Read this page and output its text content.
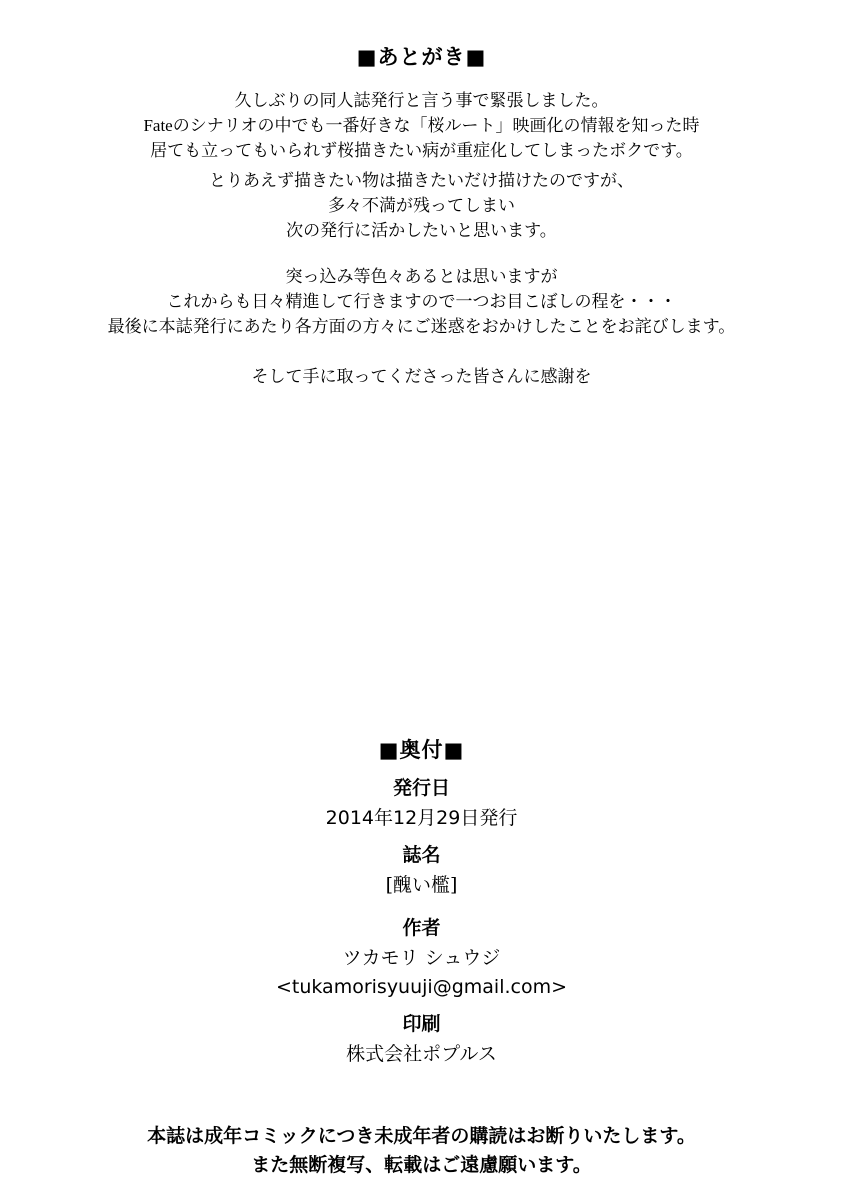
■あとがき■

久しぶりの同人誌発行と言う事で緊張しました。
Fateのシナリオの中でも一番好きな「桜ルート」映画化の情報を知った時
居ても立ってもいられず桜描きたい病が重症化してしまったボクです。

とりあえず描きたい物は描きたいだけ描けたのですが、
多々不満が残ってしまい
次の発行に活かしたいと思います。

突っ込み等色々あるとは思いますが
これからも日々精進して行きますので一つお目こぼしの程を・・・
最後に本誌発行にあたり各方面の方々にご迷惑をおかけしたことをお詫びします。

そして手に取ってくださった皆さんに感謝を

■奥付■
発行日
2014年12月29日発行
誌名
[醜い檻]
作者
ツカモリ シュウジ
<tukamorisyuuji@gmail.com>
印刷
株式会社ポプルス
本誌は成年コミックにつき未成年者の購読はお断りいたします。
また無断複写、転載はご遠慮願います。
